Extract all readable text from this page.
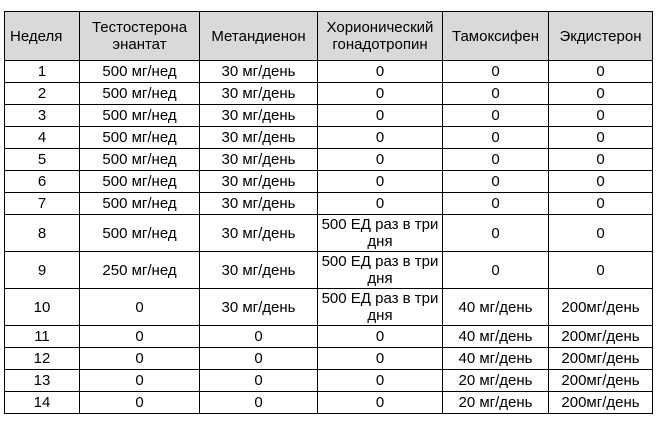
Неделя	Тестостерона энантат	Метандиенон	Хорионический гонадотропин	Тамоксифен	Экдистерон
1	500 мг/нед	30 мг/день	0	0	0
2	500 мг/нед	30 мг/день	0	0	0
3	500 мг/нед	30 мг/день	0	0	0
4	500 мг/нед	30 мг/день	0	0	0
5	500 мг/нед	30 мг/день	0	0	0
6	500 мг/нед	30 мг/день	0	0	0
7	500 мг/нед	30 мг/день	0	0	0
8	500 мг/нед	30 мг/день	500 ЕД раз в три дня	0	0
9	250 мг/нед	30 мг/день	500 ЕД раз в три дня	0	0
10	0	30 мг/день	500 ЕД раз в три дня	40 мг/день	200мг/день
11	0	0	0	40 мг/день	200мг/день
12	0	0	0	40 мг/день	200мг/день
13	0	0	0	20 мг/день	200мг/день
14	0	0	0	20 мг/день	200мг/день
